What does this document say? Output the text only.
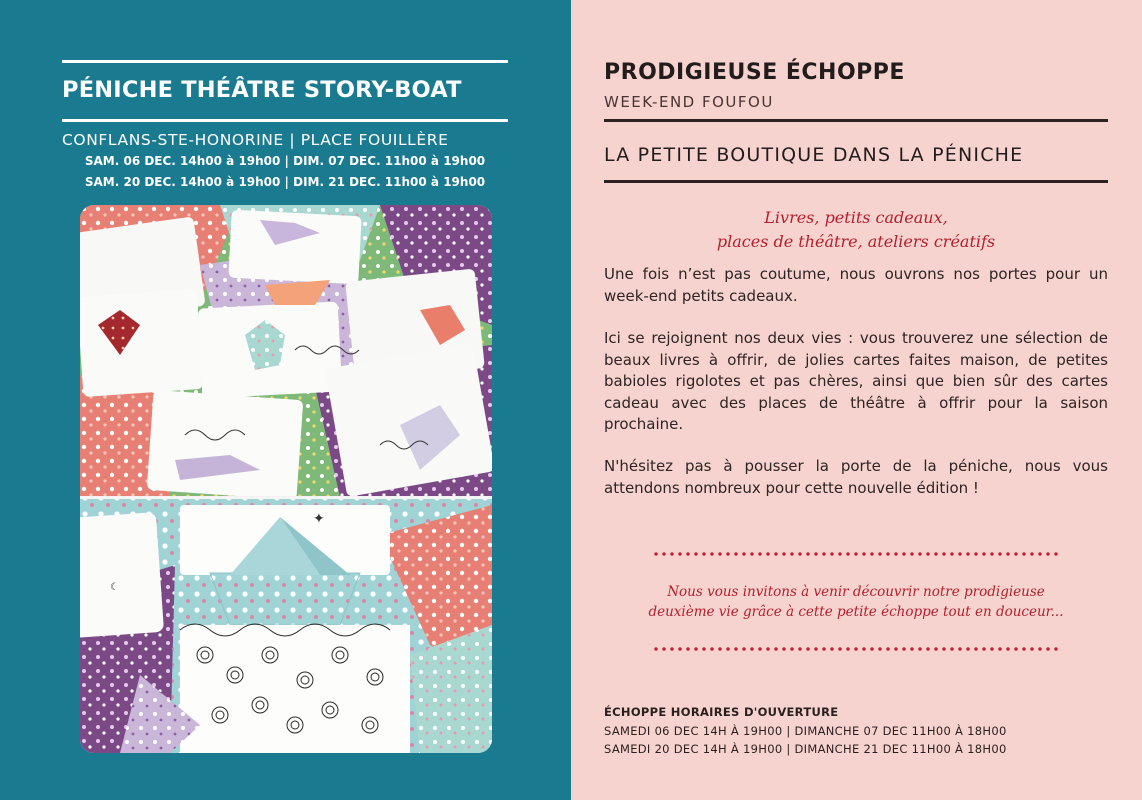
PÉNICHE THÉÂTRE STORY-BOAT
CONFLANS-STE-HONORINE | PLACE FOUILLÈRE
SAM. 06 DEC. 14h00 à 19h00 | DIM. 07 DEC. 11h00 à 19h00
SAM. 20 DEC. 14h00 à 19h00 | DIM. 21 DEC. 11h00 à 19h00
✦
☾
PRODIGIEUSE ÉCHOPPE
WEEK-END FOUFOU
LA PETITE BOUTIQUE DANS LA PÉNICHE
Livres, petits cadeaux,
places de théâtre, ateliers créatifs

Une fois n’est pas coutume, nous ouvrons nos portes pour un week-end petits cadeaux.

Ici se rejoignent nos deux vies : vous trouverez une sélection de beaux livres à offrir, de jolies cartes faites maison, de petites babioles rigolotes et pas chères, ainsi que bien sûr des cartes cadeau avec des places de théâtre à offrir pour la saison prochaine.

N'hésitez pas à pousser la porte de la péniche, nous vous attendons nombreux pour cette nouvelle édition !

Nous vous invitons à venir découvrir notre prodigieuse
deuxième vie grâce à cette petite échoppe tout en douceur...
ÉCHOPPE HORAIRES D'OUVERTURE
SAMEDI 06 DEC 14H À 19H00 | DIMANCHE 07 DEC 11H00 À 18H00
SAMEDI 20 DEC 14H À 19H00 | DIMANCHE 21 DEC 11H00 À 18H00
